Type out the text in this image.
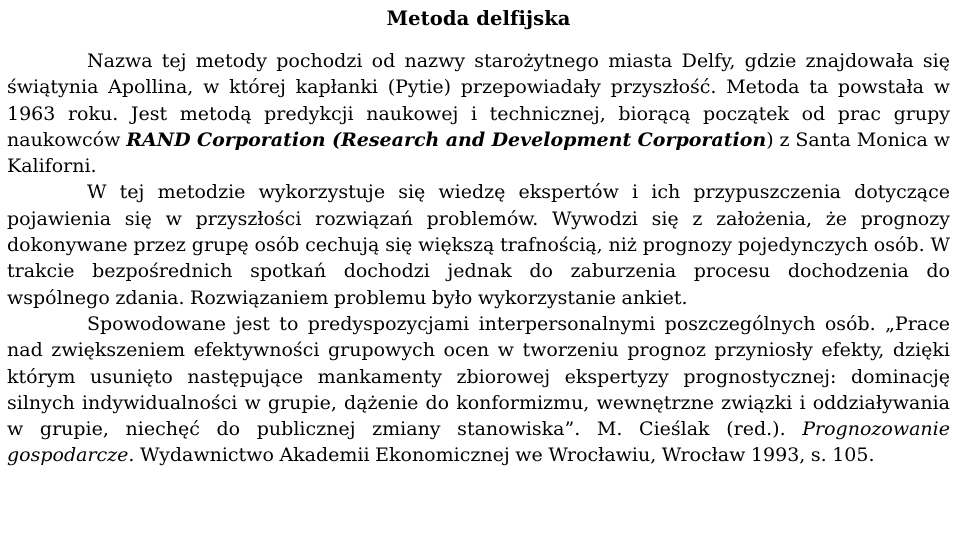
Metoda delfijska

Nazwa tej metody pochodzi od nazwy starożytnego miasta Delfy, gdzie znajdowała się świątynia Apollina, w której kapłanki (Pytie) przepowiadały przyszłość. Metoda ta powstała w 1963 roku. Jest metodą predykcji naukowej i technicznej, biorącą początek od prac grupy naukowców RAND Corporation (Research and Development Corporation) z Santa Monica w Kaliforni.

W tej metodzie wykorzystuje się wiedzę ekspertów i ich przypuszczenia dotyczące pojawienia się w przyszłości rozwiązań problemów. Wywodzi się z założenia, że prognozy dokonywane przez grupę osób cechują się większą trafnością, niż prognozy pojedynczych osób. W trakcie bezpośrednich spotkań dochodzi jednak do zaburzenia procesu dochodzenia do wspólnego zdania. Rozwiązaniem problemu było wykorzystanie ankiet.

Spowodowane jest to predyspozycjami interpersonalnymi poszczególnych osób. „Prace nad zwiększeniem efektywności grupowych ocen w tworzeniu prognoz przyniosły efekty, dzięki którym usunięto następujące mankamenty zbiorowej ekspertyzy prognostycznej: dominację silnych indywidualności w grupie, dążenie do konformizmu, wewnętrzne związki i oddziaływania w grupie, niechęć do publicznej zmiany stanowiska”. M. Cieślak (red.). Prognozowanie gospodarcze. Wydawnictwo Akademii Ekonomicznej we Wrocławiu, Wrocław 1993, s. 105.
